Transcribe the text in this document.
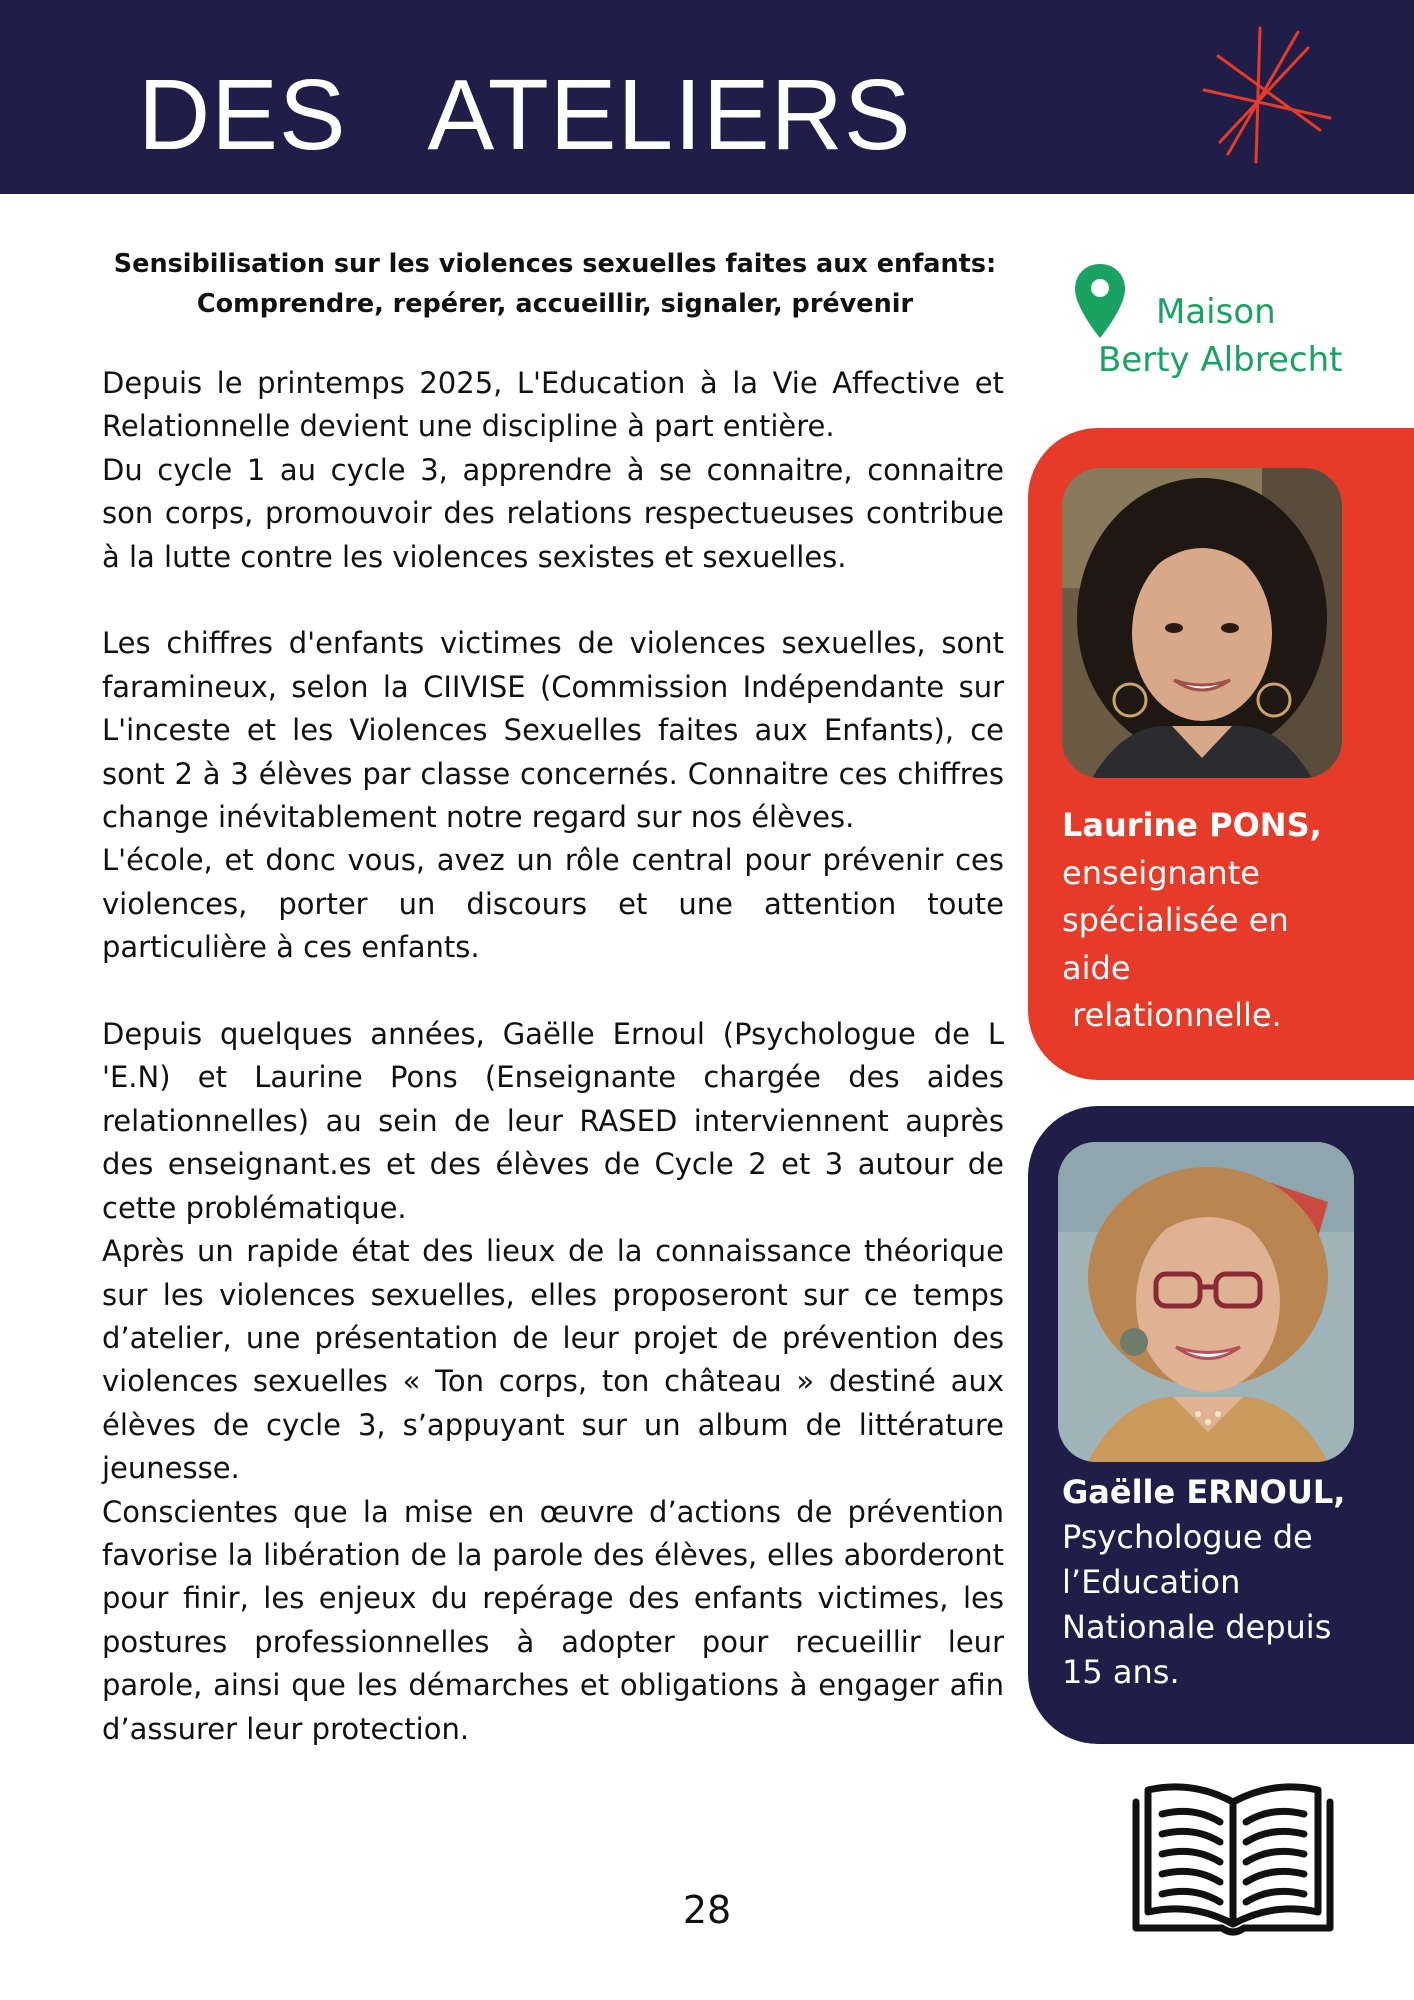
DES   ATELIERS
Sensibilisation sur les violences sexuelles faites aux enfants:
Comprendre, repérer, accueillir, signaler, prévenir

Depuis le printemps 2025, L'Education à la Vie Affective et Relationnelle devient une discipline à part entière.

Du cycle 1 au cycle 3, apprendre à se connaitre, connaitre son corps, promouvoir des relations respectueuses contribue à la lutte contre les violences sexistes et sexuelles.

Les chiffres d'enfants victimes de violences sexuelles, sont faramineux, selon la CIIVISE (Commission Indépendante sur L'inceste et les Violences Sexuelles faites aux Enfants), ce sont 2 à 3 élèves par classe concernés. Connaitre ces chiffres change inévitablement notre regard sur nos élèves.

L'école, et donc vous, avez un rôle central pour prévenir ces violences, porter un discours et une attention toute particulière à ces enfants.

Depuis quelques années, Gaëlle Ernoul (Psychologue de L 'E.N) et Laurine Pons (Enseignante chargée des aides relationnelles) au sein de leur RASED interviennent auprès des enseignant.es et des élèves de Cycle 2 et 3 autour de cette problématique.

Après un rapide état des lieux de la connaissance théorique sur les violences sexuelles, elles proposeront sur ce temps d’atelier, une présentation de leur projet de prévention des violences sexuelles « Ton corps, ton château » destiné aux élèves de cycle 3, s’appuyant sur un album de littérature jeunesse.

Conscientes que la mise en œuvre d’actions de prévention favorise la libération de la parole des élèves, elles aborderont pour finir, les enjeux du repérage des enfants victimes, les postures professionnelles à adopter pour recueillir leur parole, ainsi que les démarches et obligations à engager afin d’assurer leur protection.

Maison
Berty Albrecht
Laurine PONS,
enseignante
spécialisée en
aide
relationnelle.
Gaëlle ERNOUL,
Psychologue de
l’Education
Nationale depuis
15 ans.
28
